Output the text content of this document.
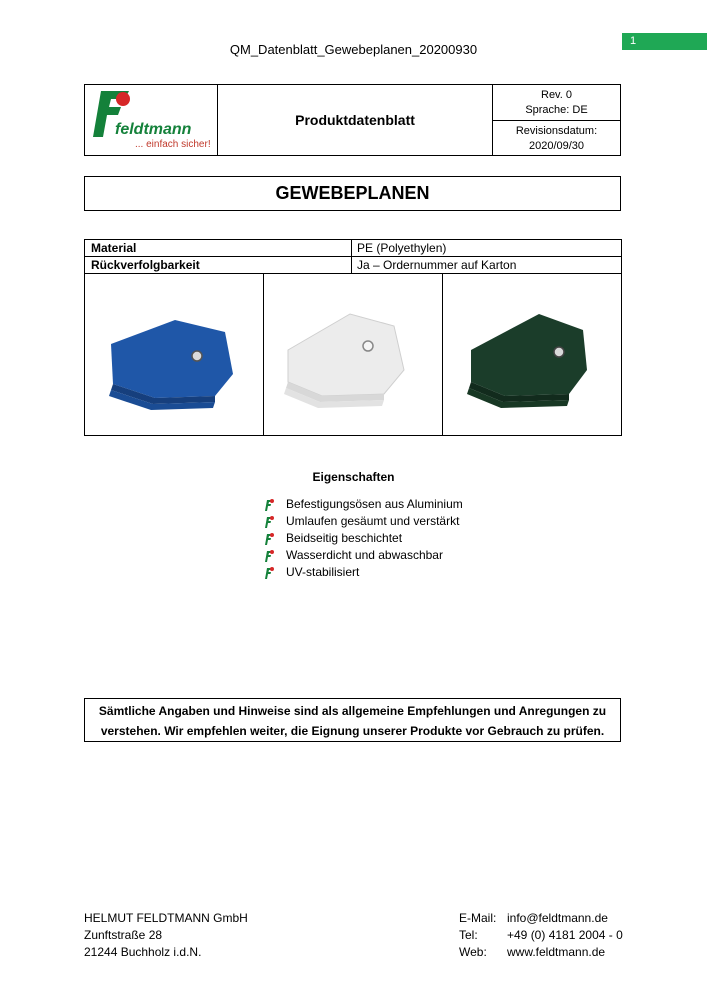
QM_Datenblatt_Gewebeplanen_20200930
1
feldtmann
... einfach sicher!
Produktdatenblatt
Rev. 0
Sprache: DE
Revisionsdatum:
2020/09/30
GEWEBEPLANEN
Material	PE (Polyethylen)
Rückverfolgbarkeit	Ja – Ordernummer auf Karton
Eigenschaften
Befestigungsösen aus Aluminium
Umlaufen gesäumt und verstärkt
Beidseitig beschichtet
Wasserdicht und abwaschbar
UV-stabilisiert
Sämtliche Angaben und Hinweise sind als allgemeine Empfehlungen und Anregungen zu
verstehen. Wir empfehlen weiter, die Eignung unserer Produkte vor Gebrauch zu prüfen.
HELMUT FELDTMANN GmbH
Zunftstraße 28
21244 Buchholz i.d.N.
E-Mail: info@feldtmann.de
Tel:	+49 (0) 4181 2004 - 0
Web:	www.feldtmann.de
